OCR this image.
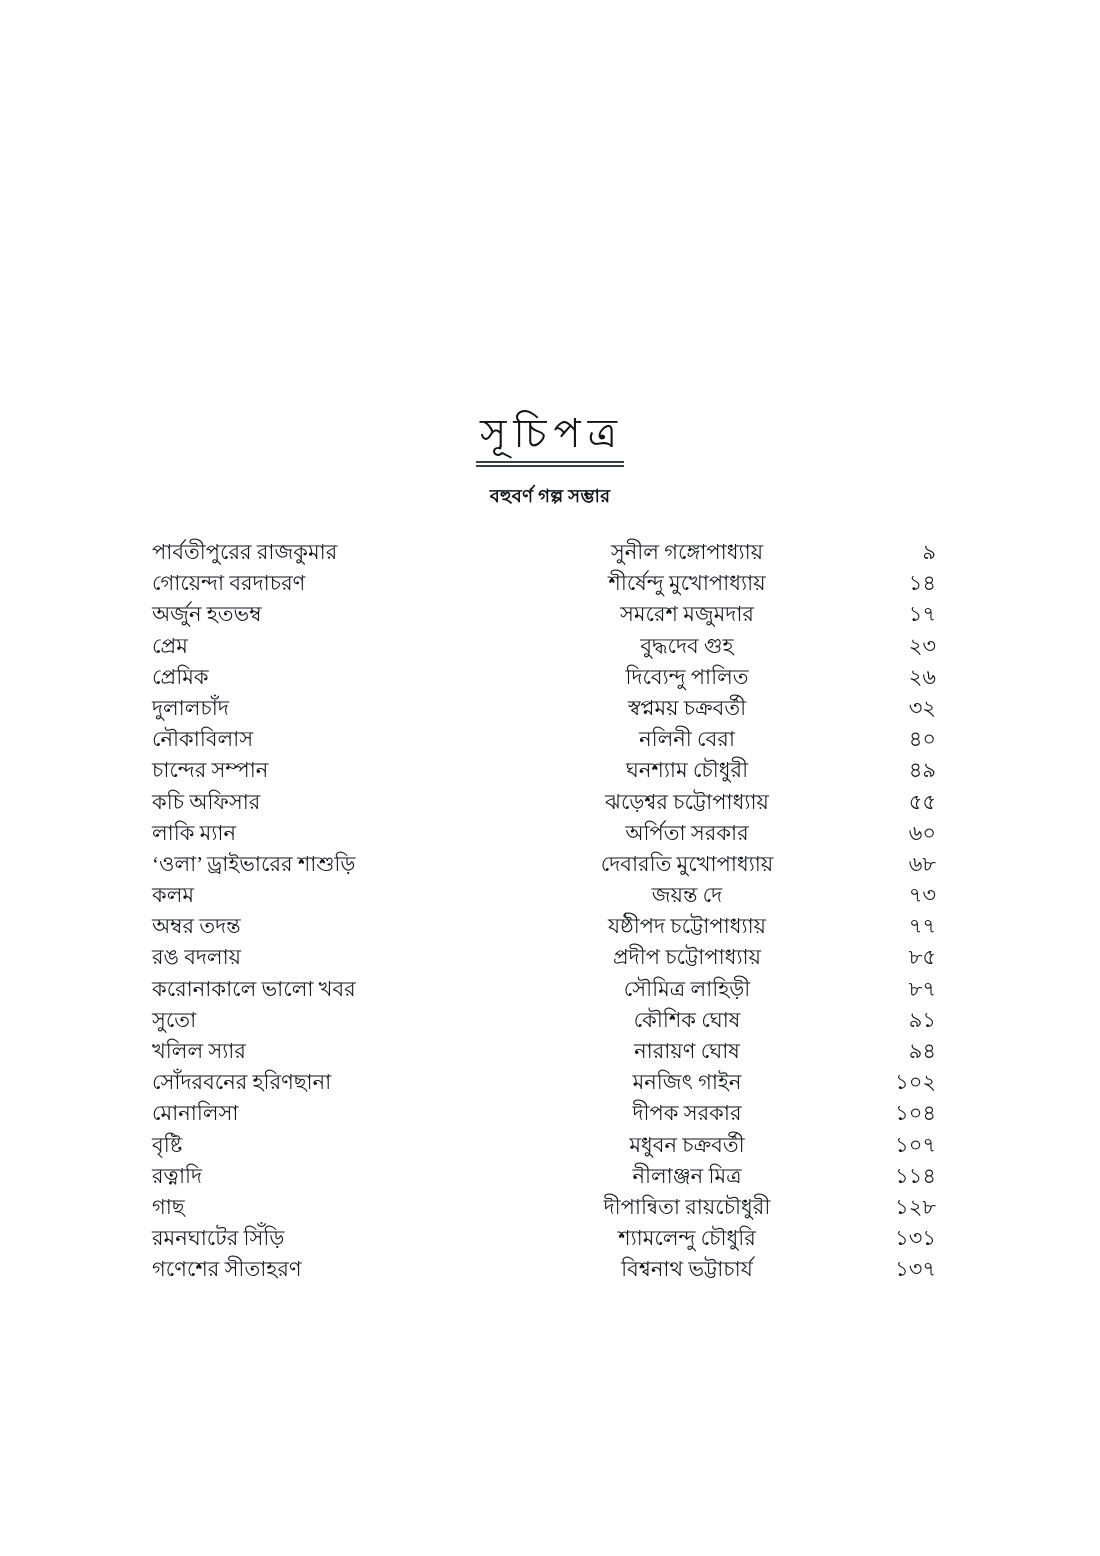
সূচিপত্র
বহুবর্ণ গল্প সম্ভার
পার্বতীপুরের রাজকুমার	সুনীল গঙ্গোপাধ্যায়	৯
গোয়েন্দা বরদাচরণ	শীর্ষেন্দু মুখোপাধ্যায়	১৪
অর্জুন হতভম্ব	সমরেশ মজুমদার	১৭
প্রেম	বুদ্ধদেব গুহ	২৩
প্রেমিক	দিব্যেন্দু পালিত	২৬
দুলালচাঁদ	স্বপ্নময় চক্রবর্তী	৩২
নৌকাবিলাস	নলিনী বেরা	৪০
চান্দের সম্পান	ঘনশ্যাম চৌধুরী	৪৯
কচি অফিসার	ঝড়েশ্বর চট্টোপাধ্যায়	৫৫
লাকি ম্যান	অর্পিতা সরকার	৬০
‘ওলা’ ড্রাইভারের শাশুড়ি	দেবারতি মুখোপাধ্যায়	৬৮
কলম	জয়ন্ত দে	৭৩
অম্বর তদন্ত	যষ্ঠীপদ চট্টোপাধ্যায়	৭৭
রঙ বদলায়	প্রদীপ চট্টোপাধ্যায়	৮৫
করোনাকালে ভালো খবর	সৌমিত্র লাহিড়ী	৮৭
সুতো	কৌশিক ঘোষ	৯১
খলিল স্যার	নারায়ণ ঘোষ	৯৪
সোঁদরবনের হরিণছানা	মনজিৎ গাইন	১০২
মোনালিসা	দীপক সরকার	১০৪
বৃষ্টি	মধুবন চক্রবর্তী	১০৭
রত্নাদি	নীলাঞ্জন মিত্র	১১৪
গাছ	দীপান্বিতা রায়চৌধুরী	১২৮
রমনঘাটের সিঁড়ি	শ্যামলেন্দু চৌধুরি	১৩১
গণেশের সীতাহরণ	বিশ্বনাথ ভট্টাচার্য	১৩৭
